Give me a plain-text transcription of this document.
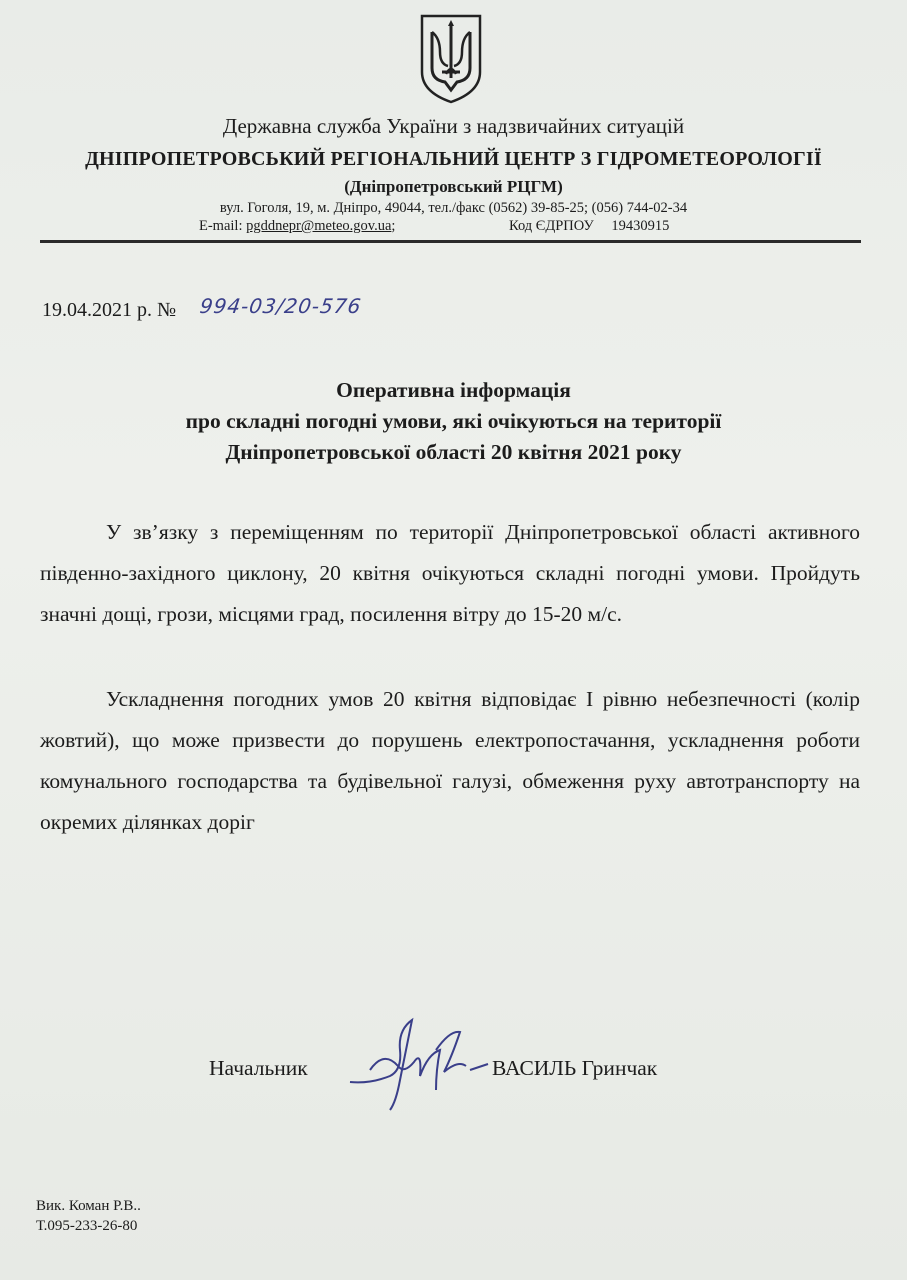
Державна служба України з надзвичайних ситуацій
ДНІПРОПЕТРОВСЬКИЙ РЕГІОНАЛЬНИЙ ЦЕНТР З ГІДРОМЕТЕОРОЛОГІЇ
(Дніпропетровський РЦГМ)
вул. Гоголя, 19, м. Дніпро, 49044, тел./факс (0562) 39-85-25; (056) 744-02-34
E-mail: pgddnepr@meteo.gov.ua;	Код ЄДРПОУ 19430915
19.04.2021 р. № 994-03/20-576
Оперативна інформація
про складні погодні умови, які очікуються на території
Дніпропетровської області 20 квітня 2021 року
У зв’язку з переміщенням по території Дніпропетровської області активного південно-західного циклону, 20 квітня очікуються складні погодні умови. Пройдуть значні дощі, грози, місцями град, посилення вітру до 15-20 м/с.
Ускладнення погодних умов 20 квітня відповідає І рівню небезпечності (колір жовтий), що може призвести до порушень електропостачання, ускладнення роботи комунального господарства та будівельної галузі, обмеження руху автотранспорту на окремих ділянках доріг
Начальник	ВАСИЛЬ Гринчак
Вик. Коман Р.В..
Т.095-233-26-80
